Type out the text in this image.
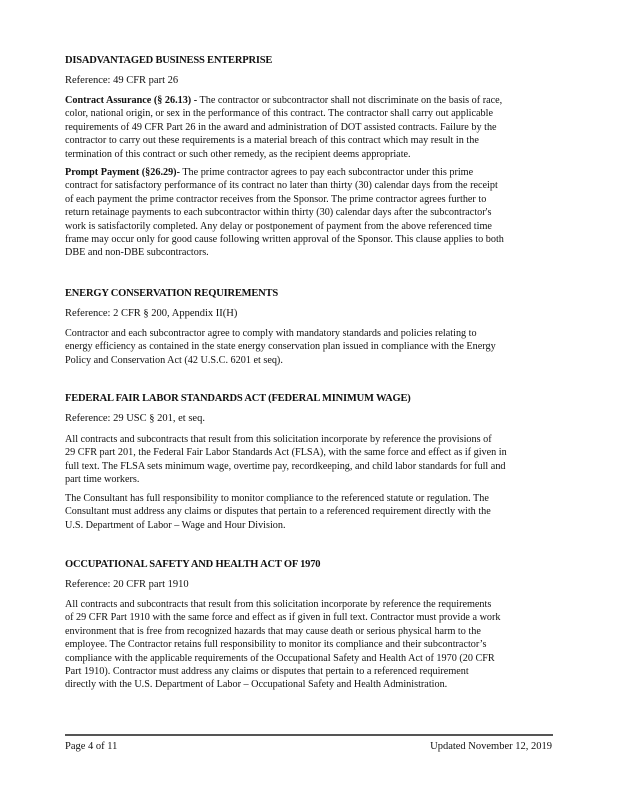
DISADVANTAGED BUSINESS ENTERPRISE
Reference: 49 CFR part 26
Contract Assurance (§ 26.13) - The contractor or subcontractor shall not discriminate on the basis of race,
color, national origin, or sex in the performance of this contract. The contractor shall carry out applicable
requirements of 49 CFR Part 26 in the award and administration of DOT assisted contracts. Failure by the
contractor to carry out these requirements is a material breach of this contract which may result in the
termination of this contract or such other remedy, as the recipient deems appropriate.
Prompt Payment (§26.29)- The prime contractor agrees to pay each subcontractor under this prime
contract for satisfactory performance of its contract no later than thirty (30) calendar days from the receipt
of each payment the prime contractor receives from the Sponsor. The prime contractor agrees further to
return retainage payments to each subcontractor within thirty (30) calendar days after the subcontractor's
work is satisfactorily completed. Any delay or postponement of payment from the above referenced time
frame may occur only for good cause following written approval of the Sponsor. This clause applies to both
DBE and non-DBE subcontractors.
ENERGY CONSERVATION REQUIREMENTS
Reference: 2 CFR § 200, Appendix II(H)
Contractor and each subcontractor agree to comply with mandatory standards and policies relating to
energy efficiency as contained in the state energy conservation plan issued in compliance with the Energy
Policy and Conservation Act (42 U.S.C. 6201 et seq).
FEDERAL FAIR LABOR STANDARDS ACT (FEDERAL MINIMUM WAGE)
Reference: 29 USC § 201, et seq.
All contracts and subcontracts that result from this solicitation incorporate by reference the provisions of
29 CFR part 201, the Federal Fair Labor Standards Act (FLSA), with the same force and effect as if given in
full text. The FLSA sets minimum wage, overtime pay, recordkeeping, and child labor standards for full and
part time workers.
The Consultant has full responsibility to monitor compliance to the referenced statute or regulation. The
Consultant must address any claims or disputes that pertain to a referenced requirement directly with the
U.S. Department of Labor – Wage and Hour Division.
OCCUPATIONAL SAFETY AND HEALTH ACT OF 1970
Reference: 20 CFR part 1910
All contracts and subcontracts that result from this solicitation incorporate by reference the requirements
of 29 CFR Part 1910 with the same force and effect as if given in full text. Contractor must provide a work
environment that is free from recognized hazards that may cause death or serious physical harm to the
employee. The Contractor retains full responsibility to monitor its compliance and their subcontractor’s
compliance with the applicable requirements of the Occupational Safety and Health Act of 1970 (20 CFR
Part 1910). Contractor must address any claims or disputes that pertain to a referenced requirement
directly with the U.S. Department of Labor – Occupational Safety and Health Administration.
Page 4 of 11	Updated November 12, 2019
